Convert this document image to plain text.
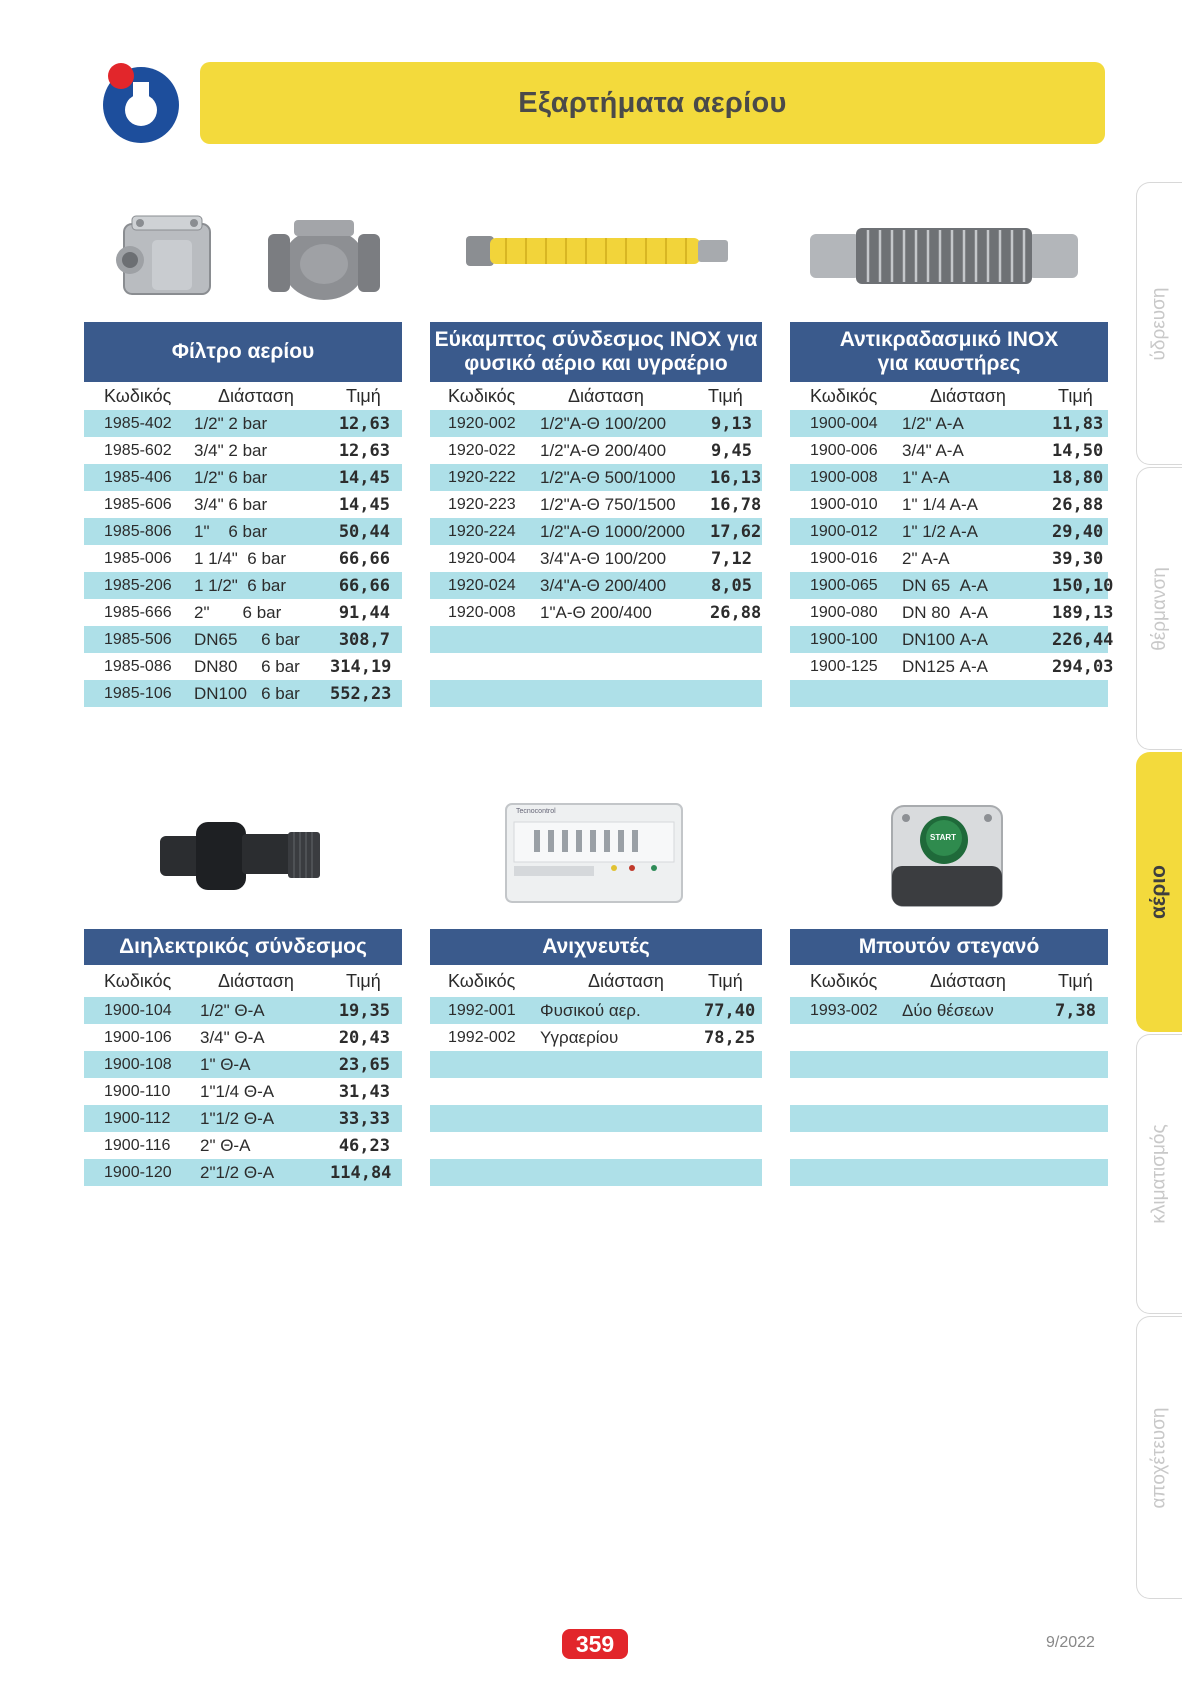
Εξαρτήματα αερίου
ύδρευση
θέρμανση
αέριο
κλιματισμός
αποχέτευση
Tecnocontrol
START
Φίλτρο αερίου
Κωδικός	Διάσταση	Τιμή
1985-402	1/2" 2 bar	12,63
1985-602	3/4" 2 bar	12,63
1985-406	1/2" 6 bar	14,45
1985-606	3/4" 6 bar	14,45
1985-806	1"    6 bar	50,44
1985-006	1 1/4"  6 bar	66,66
1985-206	1 1/2"  6 bar	66,66
1985-666	2"       6 bar	91,44
1985-506	DN65     6 bar	308,7
1985-086	DN80     6 bar	314,19
1985-106	DN100   6 bar	552,23
Εύκαμπτος σύνδεσμος INOX για
φυσικό αέριο και υγραέριο
Κωδικός	Διάσταση	Τιμή
1920-002	1/2"Α-Θ 100/200	9,13
1920-022	1/2"Α-Θ 200/400	9,45
1920-222	1/2"Α-Θ 500/1000	16,13
1920-223	1/2"Α-Θ 750/1500	16,78
1920-224	1/2"Α-Θ 1000/2000	17,62
1920-004	3/4"Α-Θ 100/200	7,12
1920-024	3/4"Α-Θ 200/400	8,05
1920-008	1"Α-Θ 200/400	26,88
Αντικραδασμικό INOX
για καυστήρες
Κωδικός	Διάσταση	Τιμή
1900-004	1/2" Α-Α	11,83
1900-006	3/4" Α-Α	14,50
1900-008	1" Α-Α	18,80
1900-010	1" 1/4 Α-Α	26,88
1900-012	1" 1/2 Α-Α	29,40
1900-016	2" Α-Α	39,30
1900-065	DN 65  Α-Α	150,10
1900-080	DN 80  Α-Α	189,13
1900-100	DN100 Α-Α	226,44
1900-125	DN125 Α-Α	294,03
Διηλεκτρικός σύνδεσμος
Κωδικός	Διάσταση	Τιμή
1900-104	1/2" Θ-Α	19,35
1900-106	3/4" Θ-Α	20,43
1900-108	1" Θ-Α	23,65
1900-110	1"1/4 Θ-Α	31,43
1900-112	1"1/2 Θ-Α	33,33
1900-116	2" Θ-Α	46,23
1900-120	2"1/2 Θ-Α	114,84
Ανιχνευτές
Κωδικός	Διάσταση	Τιμή
1992-001	Φυσικού αερ.	77,40
1992-002	Υγραερίου	78,25
Μπουτόν στεγανό
Κωδικός	Διάσταση	Τιμή
1993-002	Δύο θέσεων	7,38
359	9/2022
